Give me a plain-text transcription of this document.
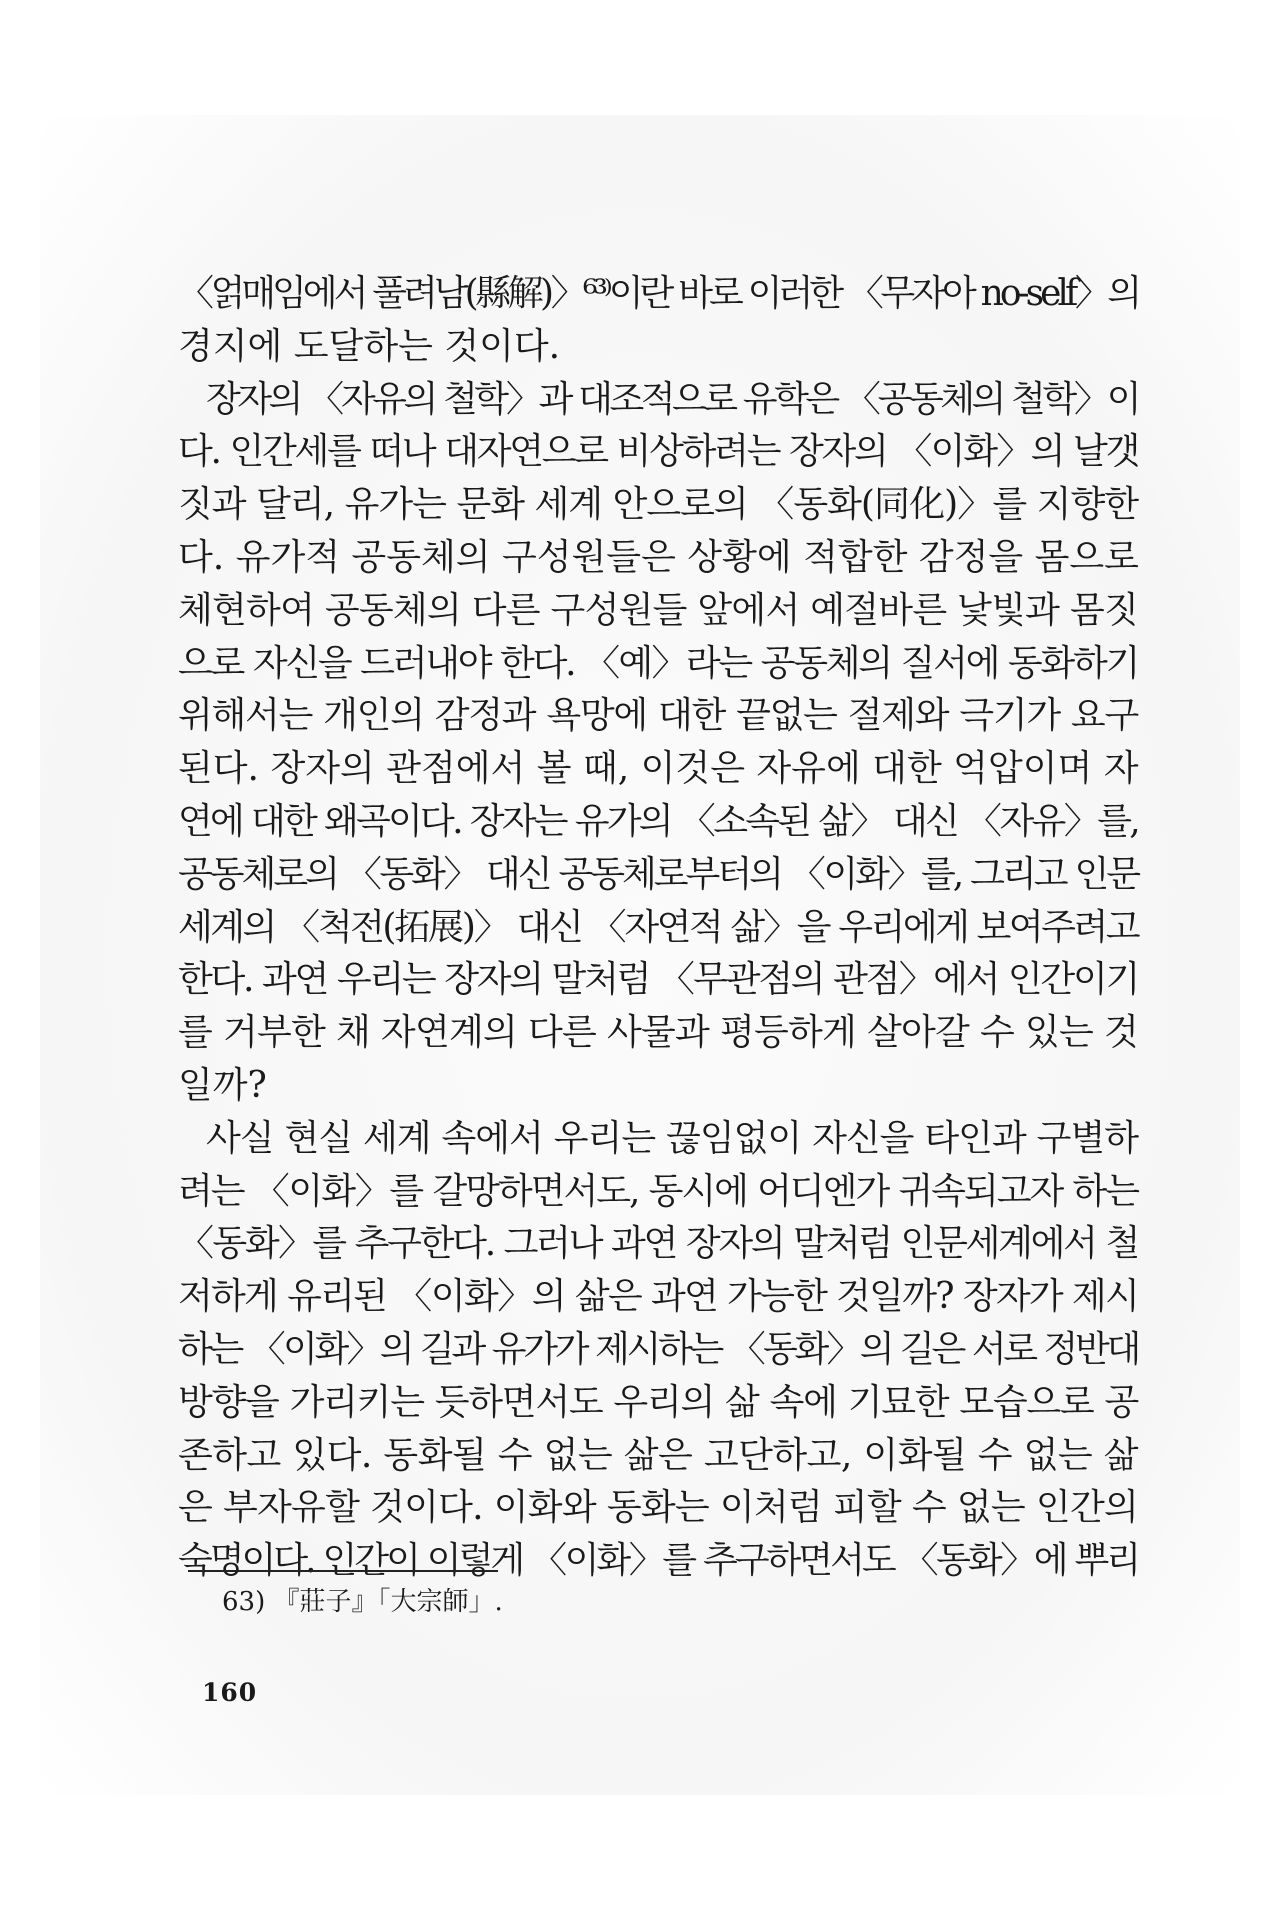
〈얽매임에서 풀려남(縣解)〉⁶³⁾이란 바로 이러한 〈무자아 no-self〉의
경지에 도달하는 것이다.

장자의 〈자유의 철학〉과 대조적으로 유학은 〈공동체의 철학〉이
다. 인간세를 떠나 대자연으로 비상하려는 장자의 〈이화〉의 날갯
짓과 달리, 유가는 문화 세계 안으로의 〈동화(同化)〉를 지향한
다. 유가적 공동체의 구성원들은 상황에 적합한 감정을 몸으로
체현하여 공동체의 다른 구성원들 앞에서 예절바른 낯빛과 몸짓
으로 자신을 드러내야 한다. 〈예〉라는 공동체의 질서에 동화하기
위해서는 개인의 감정과 욕망에 대한 끝없는 절제와 극기가 요구
된다. 장자의 관점에서 볼 때, 이것은 자유에 대한 억압이며 자
연에 대한 왜곡이다. 장자는 유가의 〈소속된 삶〉 대신 〈자유〉를,
공동체로의 〈동화〉 대신 공동체로부터의 〈이화〉를, 그리고 인문
세계의 〈척전(拓展)〉 대신 〈자연적 삶〉을 우리에게 보여주려고
한다. 과연 우리는 장자의 말처럼 〈무관점의 관점〉에서 인간이기
를 거부한 채 자연계의 다른 사물과 평등하게 살아갈 수 있는 것
일까?

사실 현실 세계 속에서 우리는 끊임없이 자신을 타인과 구별하
려는 〈이화〉를 갈망하면서도, 동시에 어디엔가 귀속되고자 하는
〈동화〉를 추구한다. 그러나 과연 장자의 말처럼 인문세계에서 철
저하게 유리된 〈이화〉의 삶은 과연 가능한 것일까? 장자가 제시
하는 〈이화〉의 길과 유가가 제시하는 〈동화〉의 길은 서로 정반대
방향을 가리키는 듯하면서도 우리의 삶 속에 기묘한 모습으로 공
존하고 있다. 동화될 수 없는 삶은 고단하고, 이화될 수 없는 삶
은 부자유할 것이다. 이화와 동화는 이처럼 피할 수 없는 인간의
숙명이다. 인간이 이렇게 〈이화〉를 추구하면서도 〈동화〉에 뿌리

63) 『莊子』「大宗師」.
160
